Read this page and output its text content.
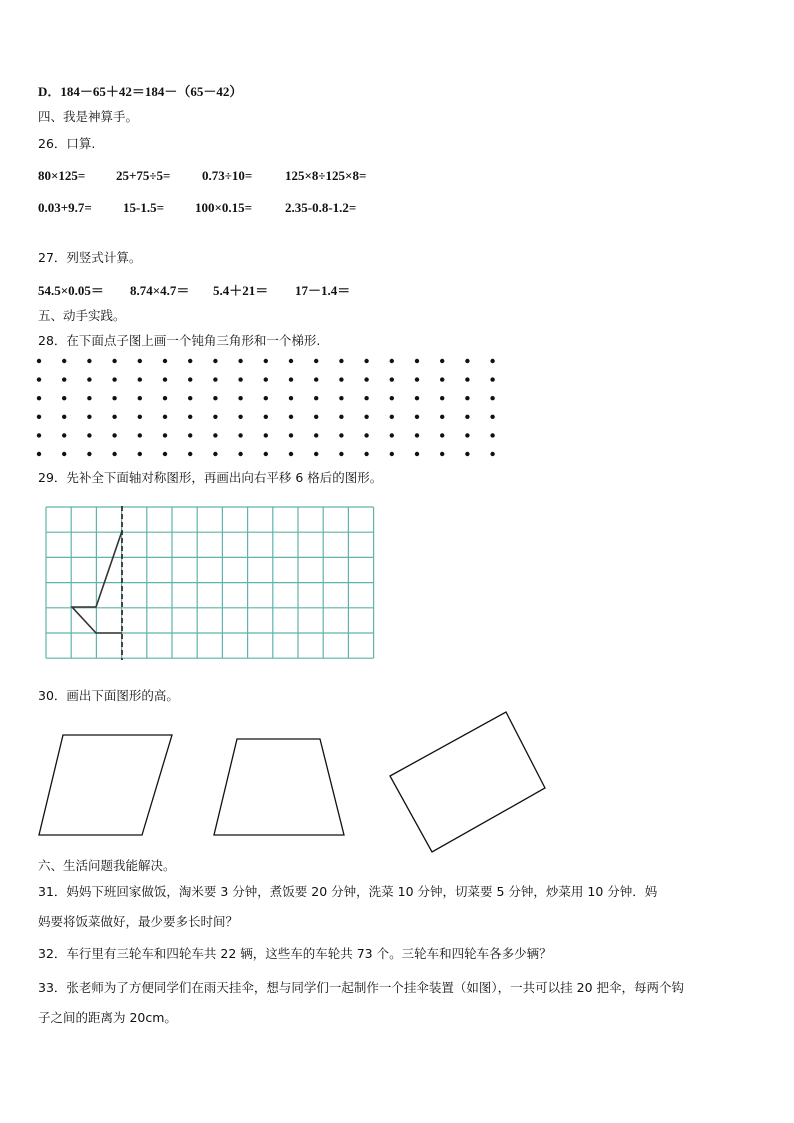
D．184－65＋42＝184－（65－42）
四、我是神算手。
26．口算.
80×125= 25+75÷5= 0.73÷10=	125×8÷125×8=
0.03+9.7= 15-1.5= 100×0.15=	2.35-0.8-1.2=
27．列竖式计算。
54.5×0.05＝ 8.74×4.7＝ 5.4＋21＝ 17－1.4＝
五、动手实践。
28．在下面点子图上画一个钝角三角形和一个梯形.
29．先补全下面轴对称图形，再画出向右平移 6 格后的图形。
30．画出下面图形的高。
六、生活问题我能解决。
31．妈妈下班回家做饭，淘米要 3 分钟，煮饭要 20 分钟，洗菜 10 分钟，切菜要 5 分钟，炒菜用 10 分钟．妈
妈要将饭菜做好，最少要多长时间？
32．车行里有三轮车和四轮车共 22 辆，这些车的车轮共 73 个。三轮车和四轮车各多少辆？
33．张老师为了方便同学们在雨天挂伞，想与同学们一起制作一个挂伞装置（如图），一共可以挂 20 把伞，每两个钩
子之间的距离为 20cm。
